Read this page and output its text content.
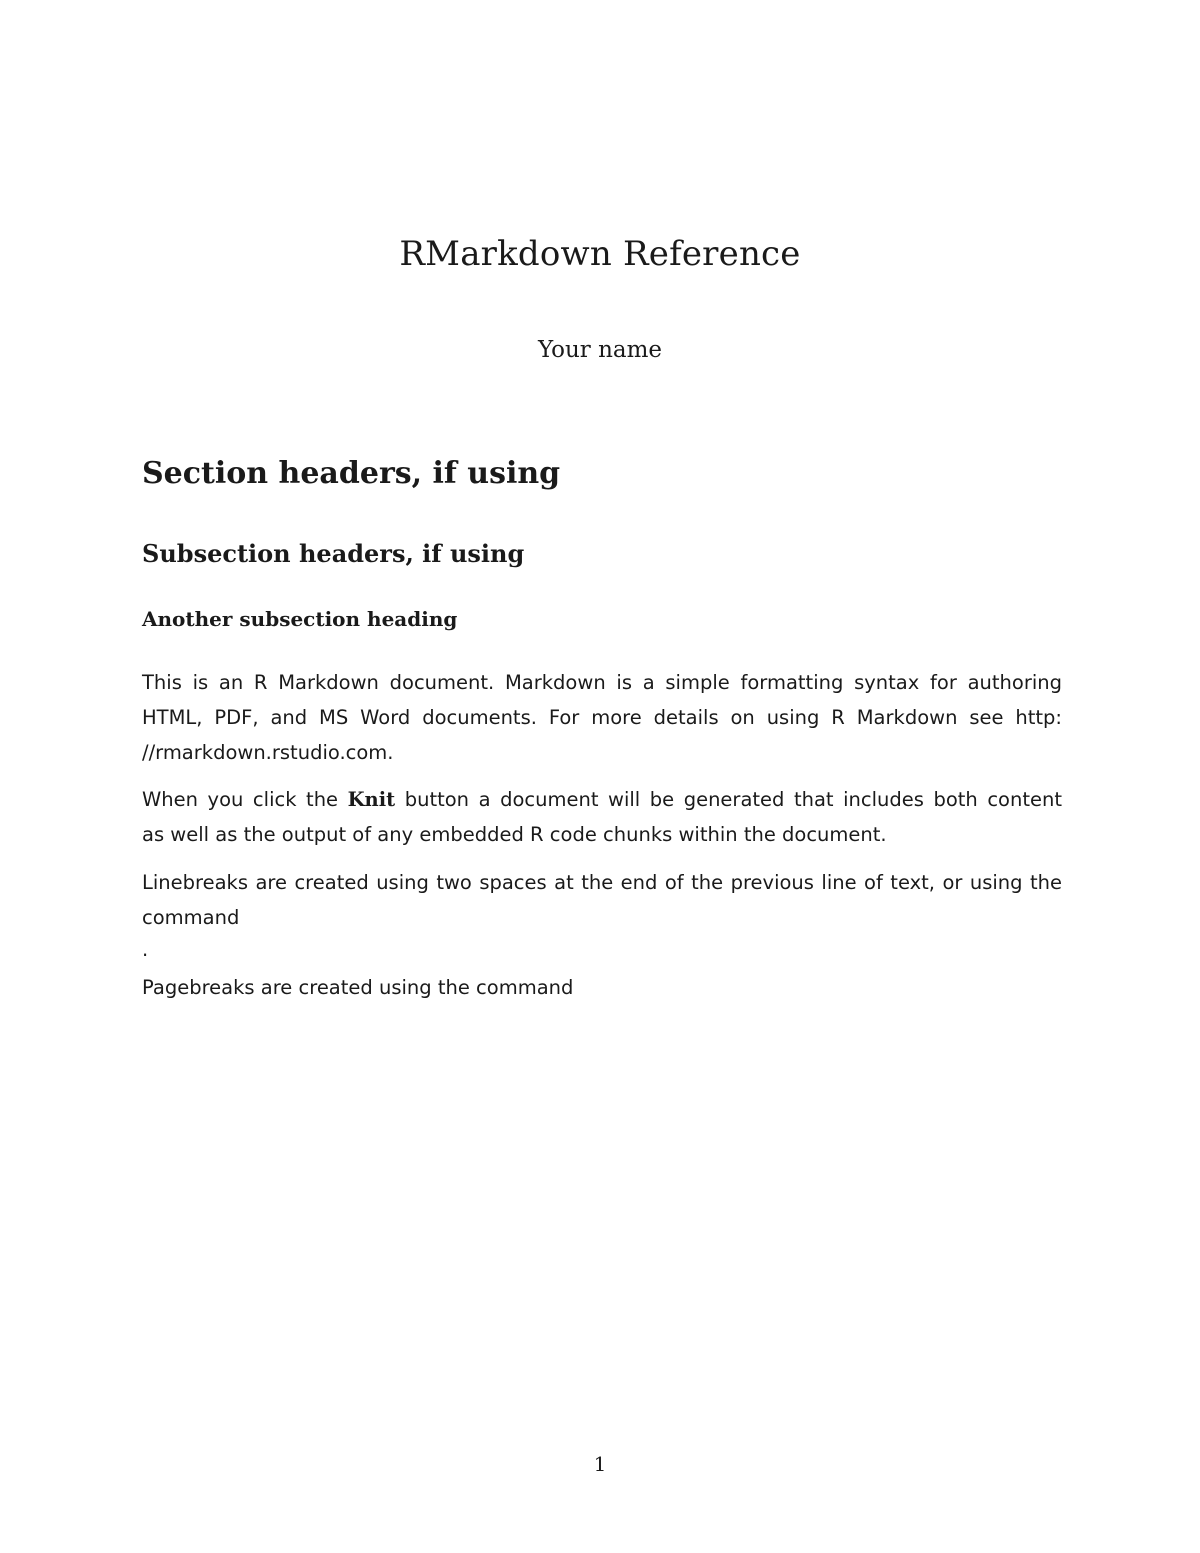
RMarkdown Reference
Your name
Section headers, if using
Subsection headers, if using
Another subsection heading

This is an R Markdown document. Markdown is a simple formatting syntax for authoring
HTML, PDF, and MS Word documents. For more details on using R Markdown see http:
//rmarkdown.rstudio.com.

When you click the Knit button a document will be generated that includes both content
as well as the output of any embedded R code chunks within the document.

Linebreaks are created using two spaces at the end of the previous line of text, or using the
command

.

Pagebreaks are created using the command

1
